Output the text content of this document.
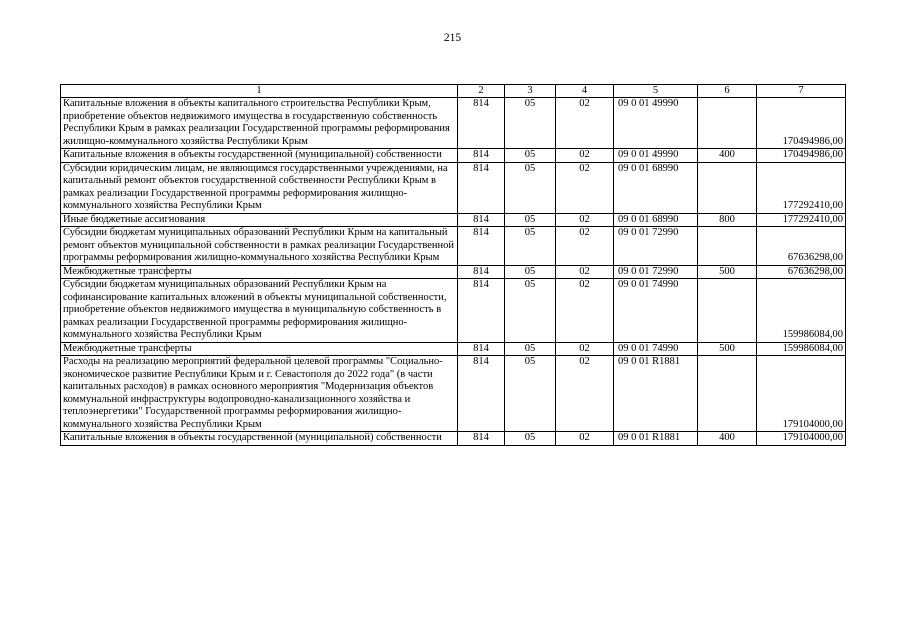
215
1	2	3	4	5	6	7
Капитальные вложения в объекты капитального строительства Республики Крым, приобретение объектов недвижимого имущества в государственную собственность Республики Крым в рамках реализации Государственной программы реформирования жилищно-коммунального хозяйства Республики Крым	814	05	02	09 0 01 49990		170494986,00
Капитальные вложения в объекты государственной (муниципальной) собственности	814	05	02	09 0 01 49990	400	170494986,00
Субсидии юридическим лицам, не являющимся государственными учреждениями, на капитальный ремонт объектов государственной собственности Республики Крым в рамках реализации Государственной программы реформирования жилищно-коммунального хозяйства Республики Крым	814	05	02	09 0 01 68990		177292410,00
Иные бюджетные ассигнования	814	05	02	09 0 01 68990	800	177292410,00
Субсидии бюджетам муниципальных образований Республики Крым на капитальный ремонт объектов муниципальной собственности в рамках реализации Государственной программы реформирования жилищно-коммунального хозяйства Республики Крым	814	05	02	09 0 01 72990		67636298,00
Межбюджетные трансферты	814	05	02	09 0 01 72990	500	67636298,00
Субсидии бюджетам муниципальных образований Республики Крым на софинансирование капитальных вложений в объекты муниципальной собственности, приобретение объектов недвижимого имущества в муниципальную собственность в рамках реализации Государственной программы реформирования жилищно-коммунального хозяйства Республики Крым	814	05	02	09 0 01 74990		159986084,00
Межбюджетные трансферты	814	05	02	09 0 01 74990	500	159986084,00
Расходы на реализацию мероприятий федеральной целевой программы "Социально-экономическое развитие Республики Крым и г. Севастополя до 2022 года" (в части капитальных расходов) в рамках основного мероприятия "Модернизация объектов коммунальной инфраструктуры водопроводно-канализационного хозяйства и теплоэнергетики" Государственной программы реформирования жилищно-коммунального хозяйства Республики Крым	814	05	02	09 0 01 R1881		179104000,00
Капитальные вложения в объекты государственной (муниципальной) собственности	814	05	02	09 0 01 R1881	400	179104000,00
